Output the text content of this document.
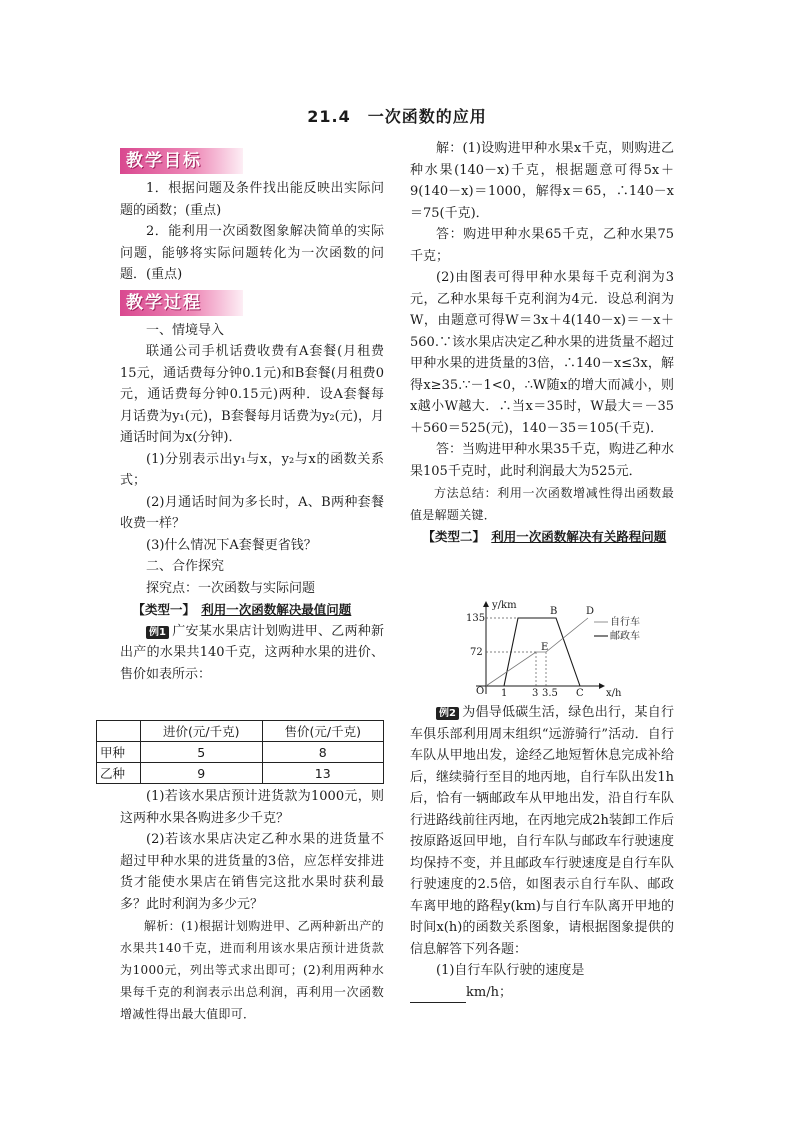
21.4　一次函数的应用
教学目标

1．根据问题及条件找出能反映出实际问题的函数；(重点)

2．能利用一次函数图象解决简单的实际问题，能够将实际问题转化为一次函数的问题．(重点)

教学过程

一、情境导入

联通公司手机话费收费有A套餐(月租费15元，通话费每分钟0.1元)和B套餐(月租费0元，通话费每分钟0.15元)两种．设A套餐每月话费为y₁(元)，B套餐每月话费为y₂(元)，月通话时间为x(分钟)．

(1)分别表示出y₁与x，y₂与x的函数关系式；

(2)月通话时间为多长时，A、B两种套餐收费一样？

(3)什么情况下A套餐更省钱？

二、合作探究

探究点：一次函数与实际问题

【类型一】　 利用一次函数解决最值问题

例1 广安某水果店计划购进甲、乙两种新出产的水果共140千克，这两种水果的进价、售价如表所示：

	进价(元/千克)	售价(元/千克)
甲种	5	8
乙种	9	13

(1)若该水果店预计进货款为1000元，则这两种水果各购进多少千克？

(2)若该水果店决定乙种水果的进货量不超过甲种水果的进货量的3倍，应怎样安排进货才能使水果店在销售完这批水果时获利最多？此时利润为多少元？

解析：(1)根据计划购进甲、乙两种新出产的水果共140千克，进而利用该水果店预计进货款为1000元，列出等式求出即可；(2)利用两种水果每千克的利润表示出总利润，再利用一次函数增减性得出最大值即可．

解：(1)设购进甲种水果x千克，则购进乙种水果(140－x)千克，根据题意可得5x＋9(140－x)＝1000，解得x＝65，∴140－x＝75(千克)．

答：购进甲种水果65千克，乙种水果75千克；

(2)由图表可得甲种水果每千克利润为3元，乙种水果每千克利润为4元．设总利润为W，由题意可得W＝3x＋4(140－x)＝－x＋560.∵该水果店决定乙种水果的进货量不超过甲种水果的进货量的3倍，∴140－x≤3x，解得x≥35.∵－1<0，∴W随x的增大而减小，则x越小W越大．∴当x＝35时，W最大＝－35＋560＝525(元)，140－35＝105(千克)．

答：当购进甲种水果35千克，购进乙种水果105千克时，此时利润最大为525元．

方法总结：利用一次函数增减性得出函数最值是解题关键．

【类型二】　 利用一次函数解决有关路程问题

y/km
x/h
135
72
O 1 3 3.5 C
B	D
E
自行车
邮政车

例2 为倡导低碳生活，绿色出行，某自行车俱乐部利用周末组织“远游骑行”活动．自行车队从甲地出发，途经乙地短暂休息完成补给后，继续骑行至目的地丙地，自行车队出发1h后，恰有一辆邮政车从甲地出发，沿自行车队行进路线前往丙地，在丙地完成2h装卸工作后按原路返回甲地，自行车队与邮政车行驶速度均保持不变，并且邮政车行驶速度是自行车队行驶速度的2.5倍，如图表示自行车队、邮政车离甲地的路程y(km)与自行车队离开甲地的时间x(h)的函数关系图象，请根据图象提供的信息解答下列各题：

(1)自行车队行驶的速度是

km/h；
